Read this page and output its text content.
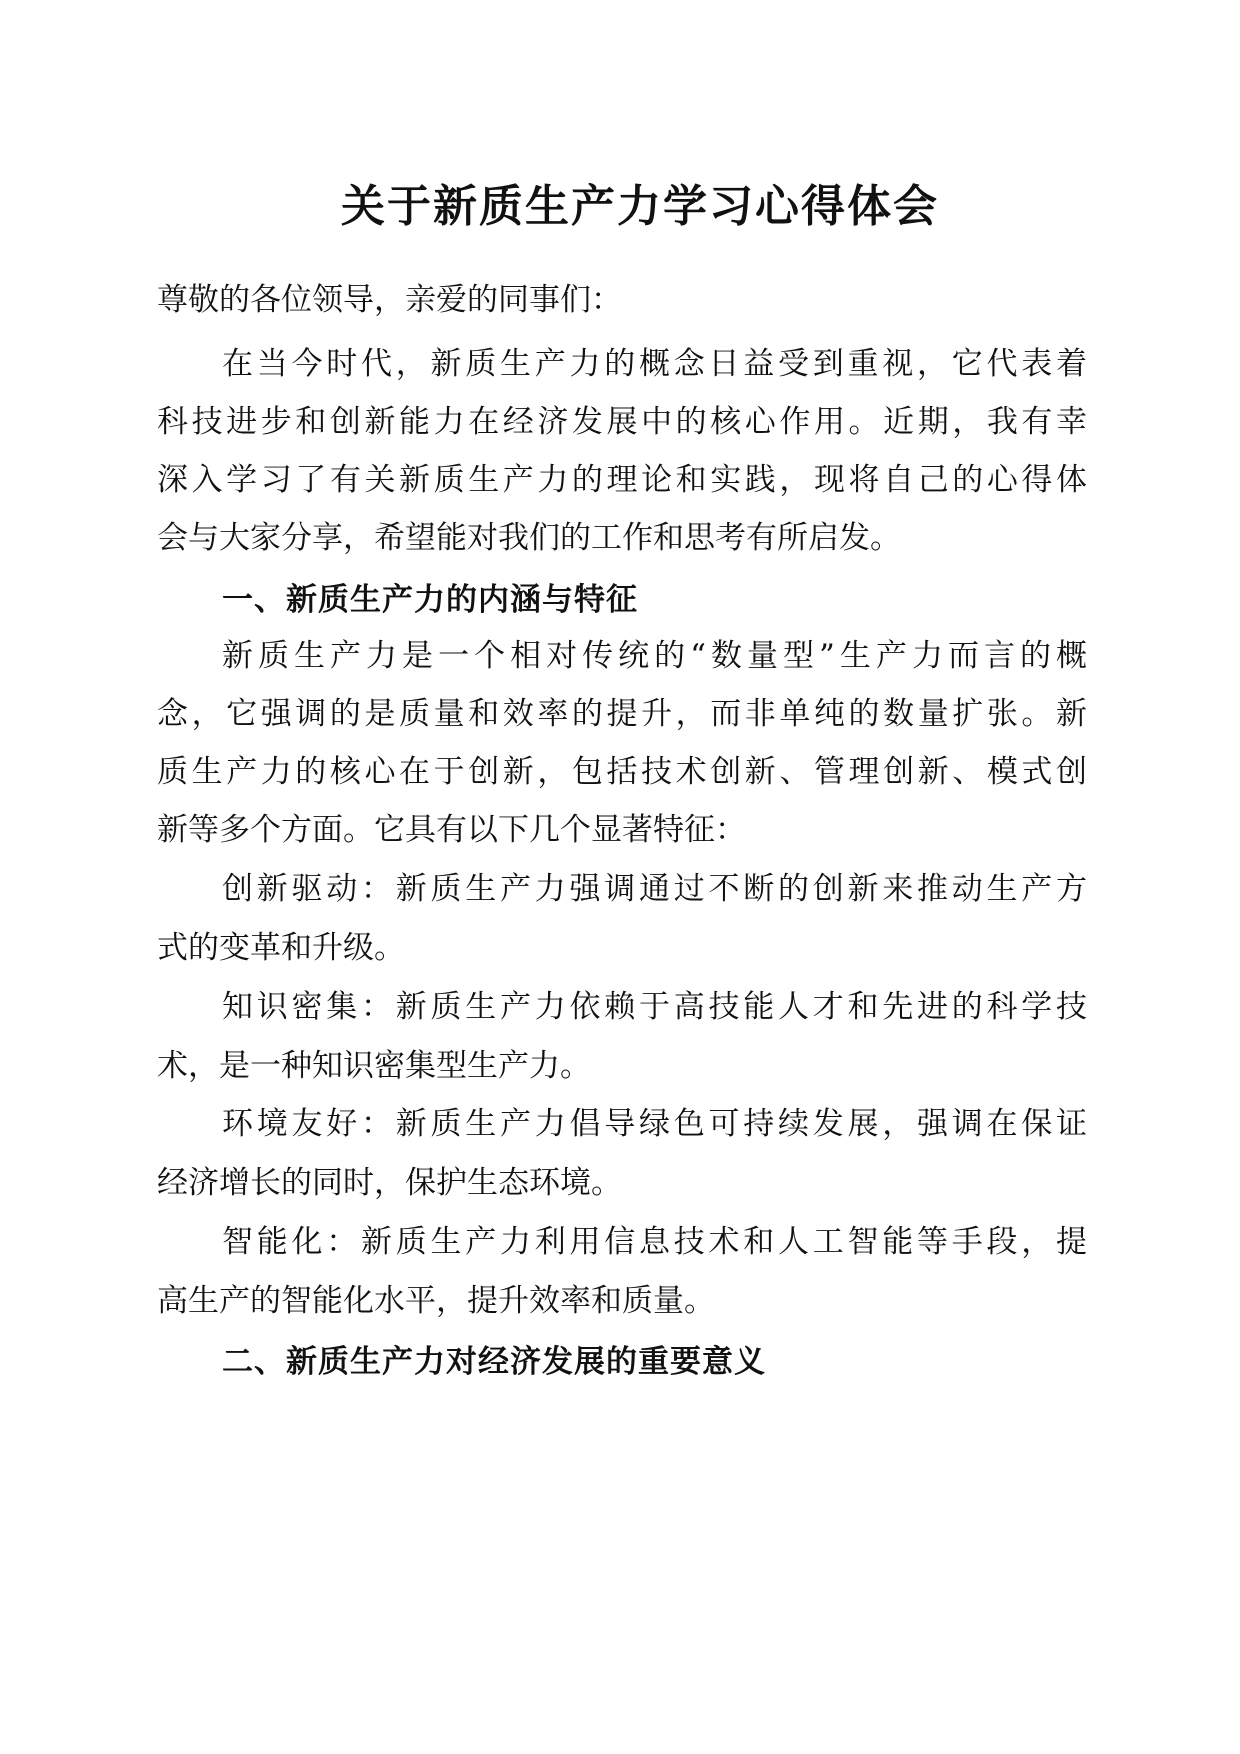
关于新质生产力学习心得体会
尊敬的各位领导，亲爱的同事们：
在当今时代，新质生产力的概念日益受到重视，它代表着
科技进步和创新能力在经济发展中的核心作用。近期，我有幸
深入学习了有关新质生产力的理论和实践，现将自己的心得体
会与大家分享，希望能对我们的工作和思考有所启发。
一、新质生产力的内涵与特征
新质生产力是一个相对传统的“数量型”生产力而言的概
念，它强调的是质量和效率的提升，而非单纯的数量扩张。新
质生产力的核心在于创新，包括技术创新、管理创新、模式创
新等多个方面。它具有以下几个显著特征：
创新驱动：新质生产力强调通过不断的创新来推动生产方
式的变革和升级。
知识密集：新质生产力依赖于高技能人才和先进的科学技
术，是一种知识密集型生产力。
环境友好：新质生产力倡导绿色可持续发展，强调在保证
经济增长的同时，保护生态环境。
智能化：新质生产力利用信息技术和人工智能等手段，提
高生产的智能化水平，提升效率和质量。
二、新质生产力对经济发展的重要意义
